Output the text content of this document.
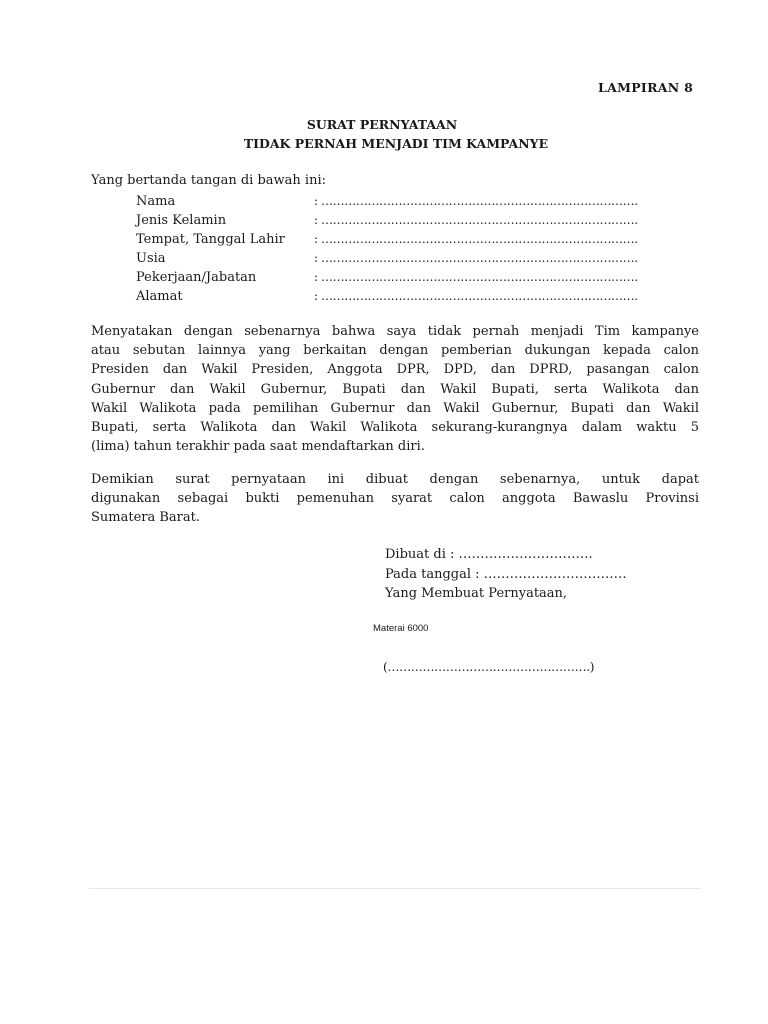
LAMPIRAN 8
SURAT PERNYATAAN
TIDAK PERNAH MENJADI TIM KAMPANYE
Yang bertanda tangan di bawah ini:
Nama	: ……………………………………………………………………….
Jenis Kelamin	: ……………………………………………………………………….
Tempat, Tanggal Lahir	: ……………………………………………………………………….
Usia	: ……………………………………………………………………….
Pekerjaan/Jabatan	: ……………………………………………………………………….
Alamat	: ……………………………………………………………………….
Menyatakan dengan sebenarnya bahwa saya tidak pernah menjadi Tim kampanye
atau sebutan lainnya yang berkaitan dengan pemberian dukungan kepada calon
Presiden dan Wakil Presiden, Anggota DPR, DPD, dan DPRD, pasangan calon
Gubernur dan Wakil Gubernur, Bupati dan Wakil Bupati, serta Walikota dan
Wakil Walikota pada pemilihan Gubernur dan Wakil Gubernur, Bupati dan Wakil
Bupati, serta Walikota dan Wakil Walikota sekurang-kurangnya dalam waktu 5
(lima) tahun terakhir pada saat mendaftarkan diri.
Demikian surat pernyataan ini dibuat dengan sebenarnya, untuk dapat
digunakan sebagai bukti pemenuhan syarat calon anggota Bawaslu Provinsi
Sumatera Barat.
Dibuat di : ………………………….
Pada tanggal : ……………………………
Yang Membuat Pernyataan,
Materai 6000
(…………………………………………….)
